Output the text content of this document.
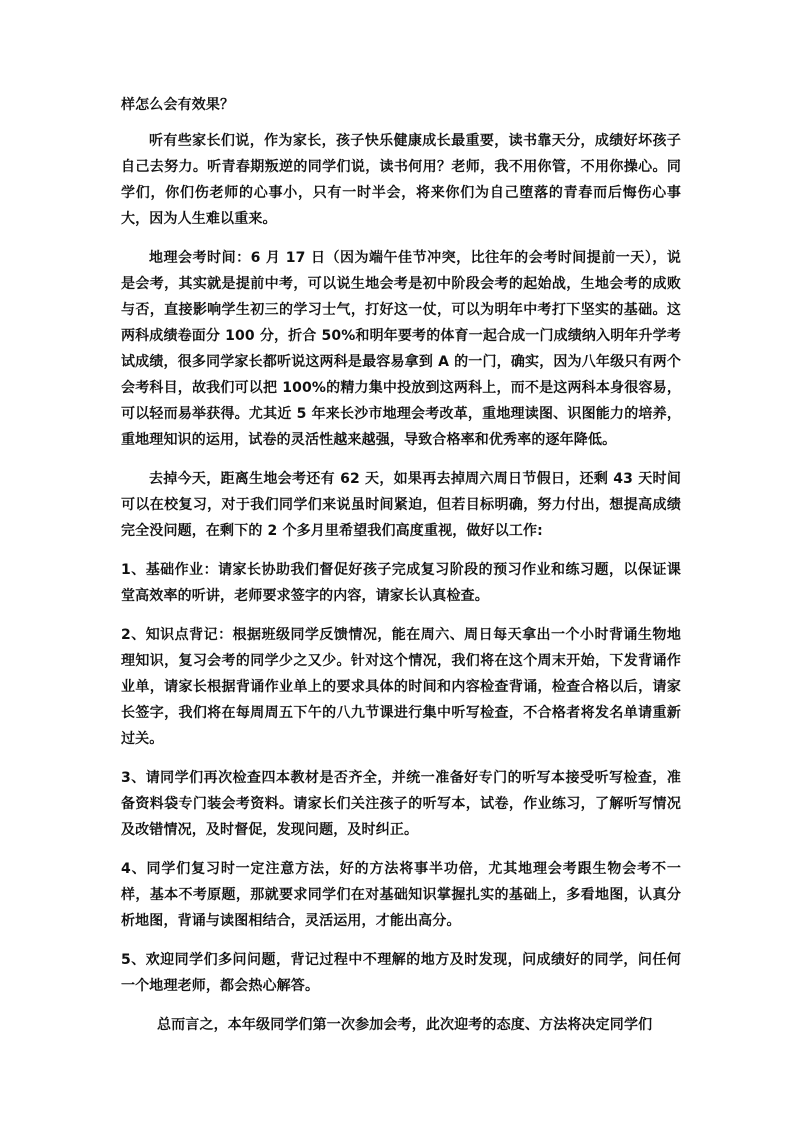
样怎么会有效果？

听有些家长们说，作为家长，孩子快乐健康成长最重要，读书靠天分，成绩好坏孩子自己去努力。听青春期叛逆的同学们说，读书何用？老师，我不用你管，不用你操心。同学们，你们伤老师的心事小，只有一时半会，将来你们为自己堕落的青春而后悔伤心事大，因为人生难以重来。

地理会考时间：6 月 17 日（因为端午佳节冲突，比往年的会考时间提前一天），说是会考，其实就是提前中考，可以说生地会考是初中阶段会考的起始战，生地会考的成败与否，直接影响学生初三的学习士气，打好这一仗，可以为明年中考打下坚实的基础。这两科成绩卷面分 100 分，折合 50%和明年要考的体育一起合成一门成绩纳入明年升学考试成绩，很多同学家长都听说这两科是最容易拿到 A 的一门，确实，因为八年级只有两个会考科目，故我们可以把 100%的精力集中投放到这两科上，而不是这两科本身很容易，可以轻而易举获得。尤其近 5 年来长沙市地理会考改革，重地理读图、识图能力的培养，重地理知识的运用，试卷的灵活性越来越强，导致合格率和优秀率的逐年降低。

去掉今天，距离生地会考还有 62 天，如果再去掉周六周日节假日，还剩 43 天时间可以在校复习，对于我们同学们来说虽时间紧迫，但若目标明确，努力付出，想提高成绩完全没问题，在剩下的 2 个多月里希望我们高度重视，做好以工作:

1、基础作业：请家长协助我们督促好孩子完成复习阶段的预习作业和练习题，以保证课堂高效率的听讲，老师要求签字的内容，请家长认真检查。

2、知识点背记：根据班级同学反馈情况，能在周六、周日每天拿出一个小时背诵生物地理知识，复习会考的同学少之又少。针对这个情况，我们将在这个周末开始，下发背诵作业单，请家长根据背诵作业单上的要求具体的时间和内容检查背诵，检查合格以后，请家长签字，我们将在每周周五下午的八九节课进行集中听写检查，不合格者将发名单请重新过关。

3、请同学们再次检查四本教材是否齐全，并统一准备好专门的听写本接受听写检查，准备资料袋专门装会考资料。请家长们关注孩子的听写本，试卷，作业练习，了解听写情况及改错情况，及时督促，发现问题，及时纠正。

4、同学们复习时一定注意方法，好的方法将事半功倍，尤其地理会考跟生物会考不一样，基本不考原题，那就要求同学们在对基础知识掌握扎实的基础上，多看地图，认真分析地图，背诵与读图相结合，灵活运用，才能出高分。

5、欢迎同学们多问问题，背记过程中不理解的地方及时发现，问成绩好的同学，问任何一个地理老师，都会热心解答。

总而言之，本年级同学们第一次参加会考，此次迎考的态度、方法将决定同学们
